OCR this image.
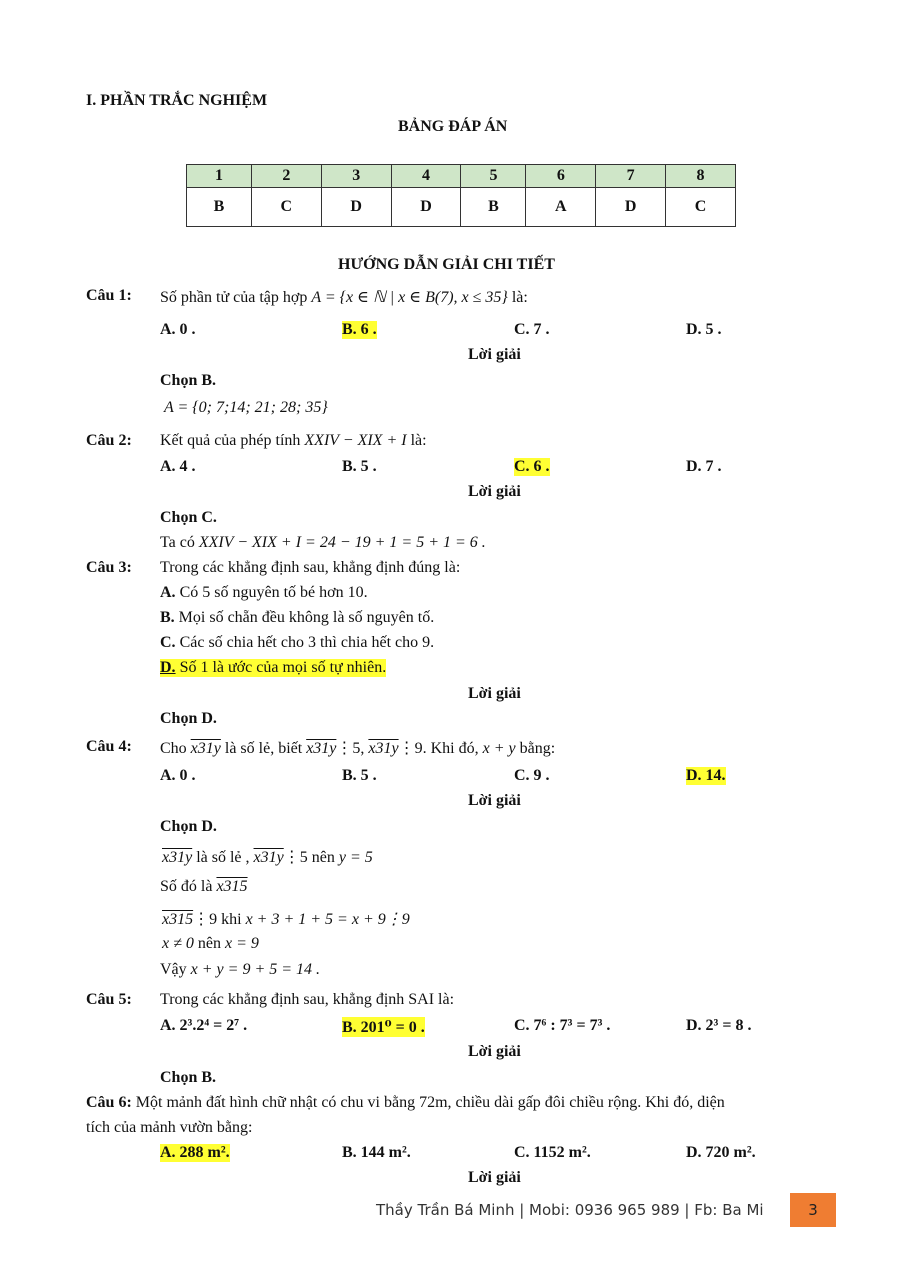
I. PHẦN TRẮC NGHIỆM
BẢNG ĐÁP ÁN
1	2	3	4	5	6	7	8
B	C	D	D	B	A	D	C
HƯỚNG DẪN GIẢI CHI TIẾT
Câu 1: Số phần tử của tập hợp A = {x ∈ ℕ | x ∈ B(7), x ≤ 35} là:
A. 0 .	B. 6 .	C. 7 .	D. 5 .
Lời giải
Chọn B.
A = {0; 7;14; 21; 28; 35}
Câu 2: Kết quả của phép tính XXIV − XIX + I là:
A. 4 .	B. 5 .	C. 6 .	D. 7 .
Lời giải
Chọn C.
Ta có XXIV − XIX + I = 24 − 19 + 1 = 5 + 1 = 6 .
Câu 3: Trong các khẳng định sau, khẳng định đúng là:
A. Có 5 số nguyên tố bé hơn 10.
B. Mọi số chẵn đều không là số nguyên tố.
C. Các số chia hết cho 3 thì chia hết cho 9.
D. Số 1 là ước của mọi số tự nhiên.
Lời giải
Chọn D.
Câu 4: Cho x31y là số lẻ, biết x31y⋮5, x31y⋮9. Khi đó, x + y bằng:
A. 0 .	B. 5 .	C. 9 .	D. 14.
Lời giải
Chọn D.
x31y là số lẻ , x31y⋮5 nên y = 5
Số đó là x315
x315⋮9 khi x + 3 + 1 + 5 = x + 9⋮9
x ≠ 0 nên x = 9
Vậy x + y = 9 + 5 = 14 .
Câu 5: Trong các khẳng định sau, khẳng định SAI là:
A. 2³.2⁴ = 2⁷ .	B. 201⁰ = 0 .	C. 7⁶ : 7³ = 7³ .	D. 2³ = 8 .
Lời giải
Chọn B.
Câu 6: Một mảnh đất hình chữ nhật có chu vi bằng 72m, chiều dài gấp đôi chiều rộng. Khi đó, diện
tích của mảnh vườn bằng:
A. 288 m².	B. 144 m².	C. 1152 m².	D. 720 m².
Lời giải
Thầy Trần Bá Minh | Mobi: 0936 965 989 | Fb: Ba Mi	3
